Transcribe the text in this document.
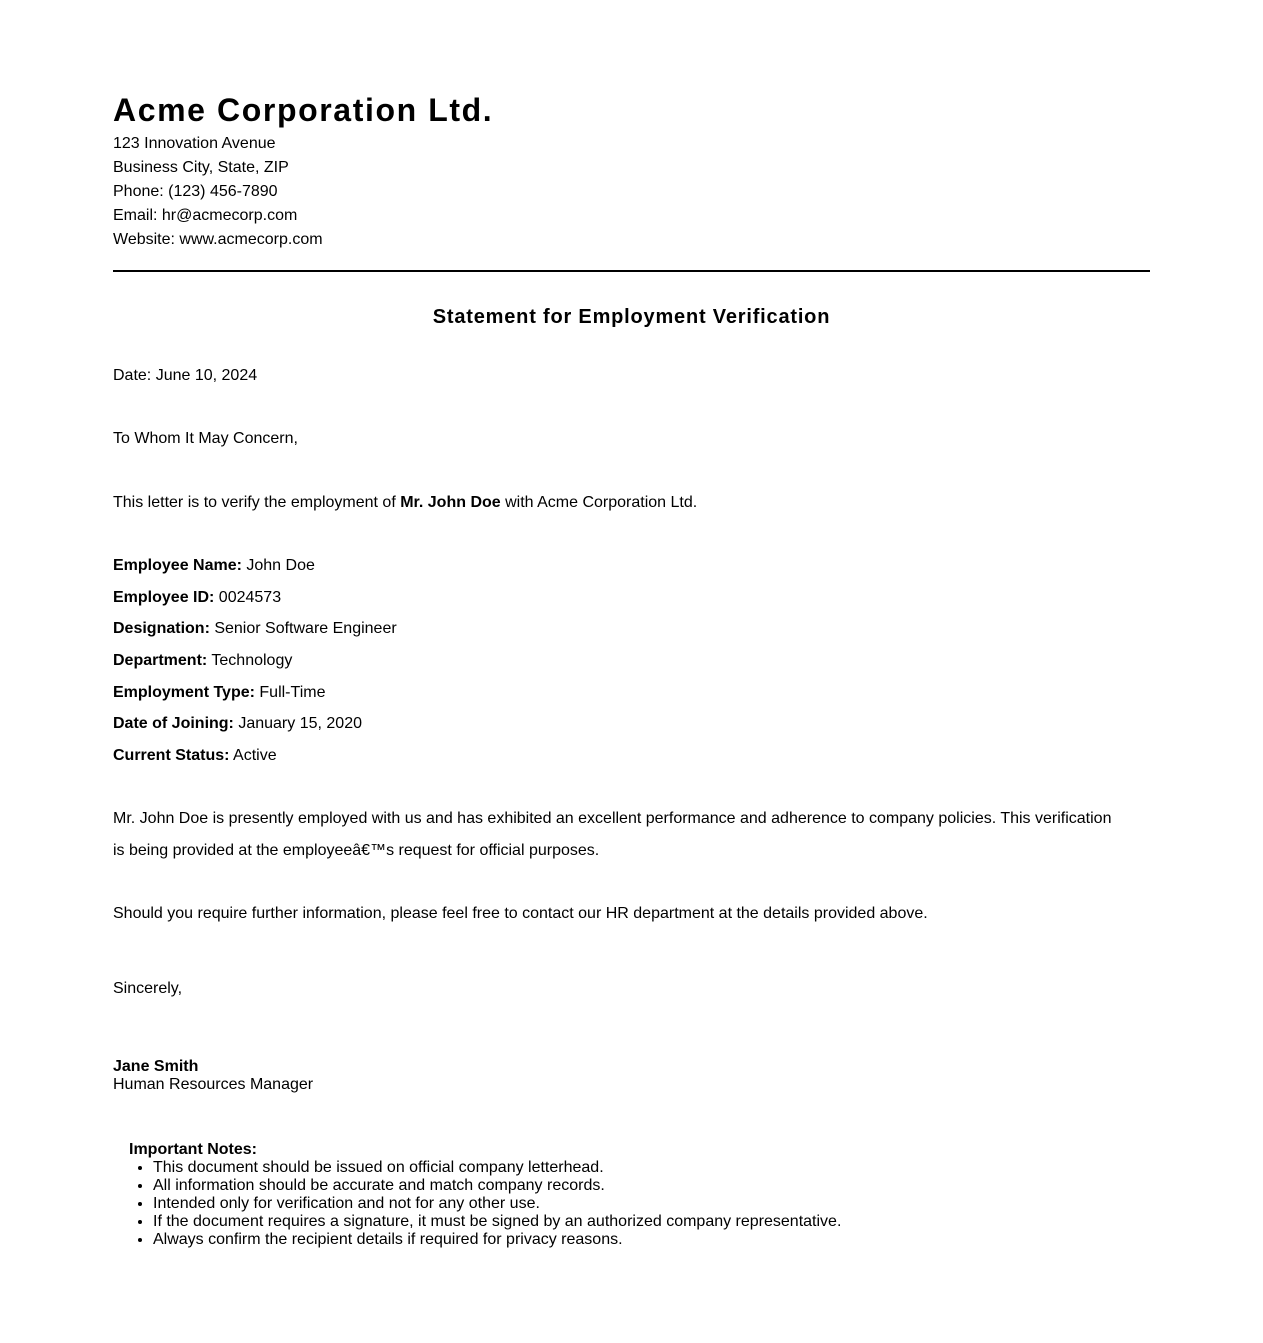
Acme Corporation Ltd.
123 Innovation Avenue
Business City, State, ZIP
Phone: (123) 456-7890
Email: hr@acmecorp.com
Website: www.acmecorp.com
Statement for Employment Verification
Date: June 10, 2024
To Whom It May Concern,
This letter is to verify the employment of Mr. John Doe with Acme Corporation Ltd.
Employee Name: John Doe
Employee ID: 0024573
Designation: Senior Software Engineer
Department: Technology
Employment Type: Full-Time
Date of Joining: January 15, 2020
Current Status: Active
Mr. John Doe is presently employed with us and has exhibited an excellent performance and adherence to company policies. This verification is being provided at the employeeâ€™s request for official purposes.
Should you require further information, please feel free to contact our HR department at the details provided above.
Sincerely,
Jane Smith
Human Resources Manager

Important Notes:

• This document should be issued on official company letterhead.
• All information should be accurate and match company records.
• Intended only for verification and not for any other use.
• If the document requires a signature, it must be signed by an authorized company representative.
• Always confirm the recipient details if required for privacy reasons.
